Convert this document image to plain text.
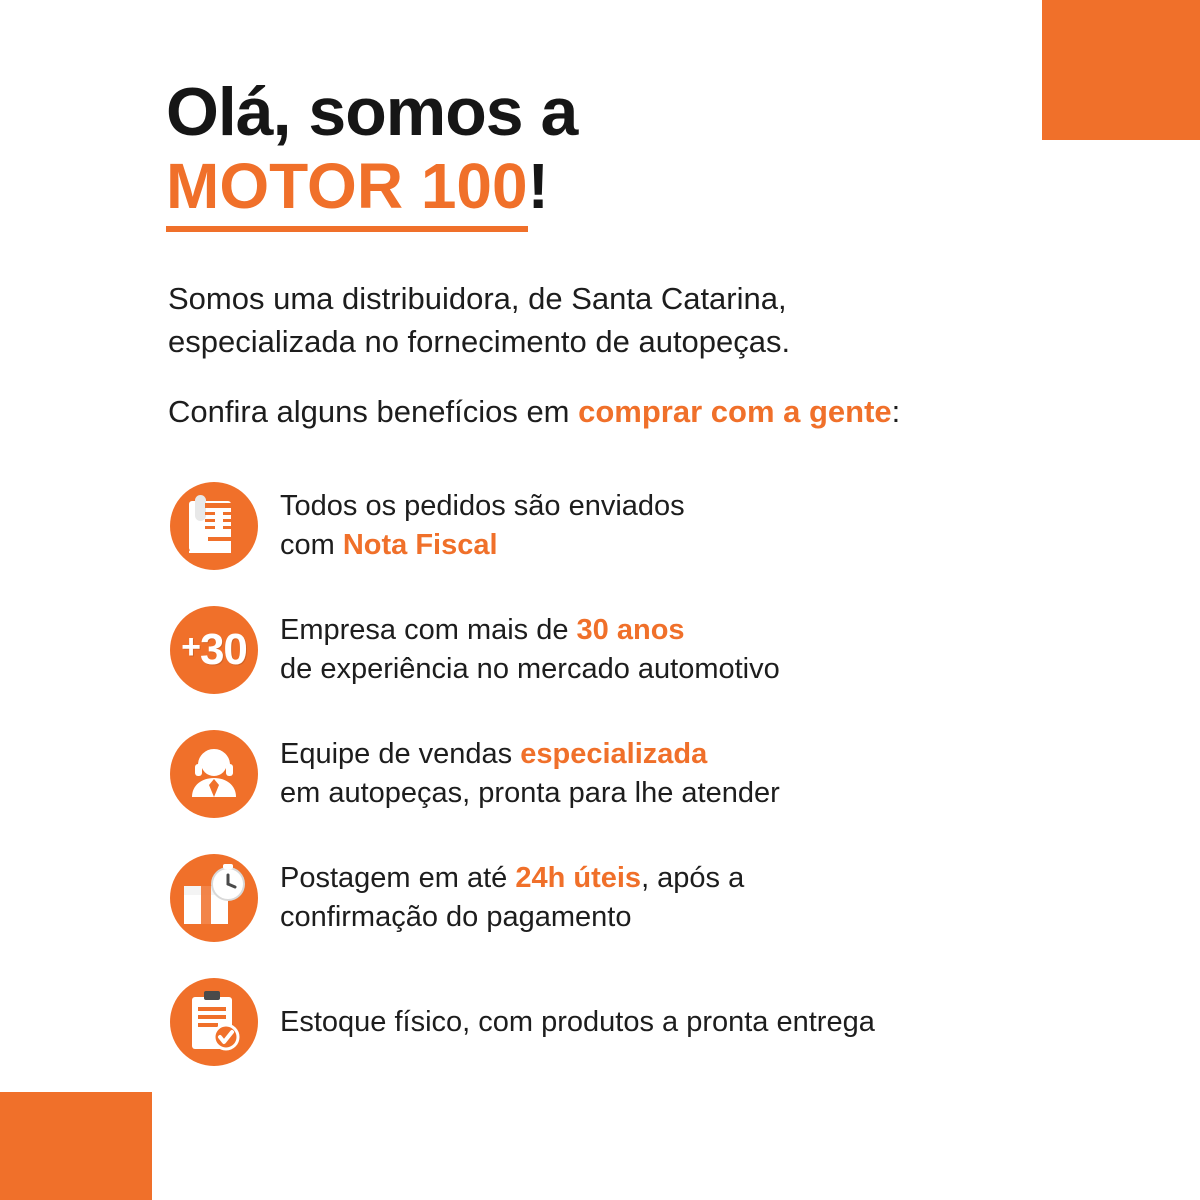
Olá, somos a
MOTOR 100!
Somos uma distribuidora, de Santa Catarina,
especializada no fornecimento de autopeças.
Confira alguns benefícios em comprar com a gente:
Todos os pedidos são enviados
com Nota Fiscal
+30 Empresa com mais de 30 anos
de experiência no mercado automotivo
Equipe de vendas especializada
em autopeças, pronta para lhe atender
Postagem em até 24h úteis, após a
confirmação do pagamento
Estoque físico, com produtos a pronta entrega
